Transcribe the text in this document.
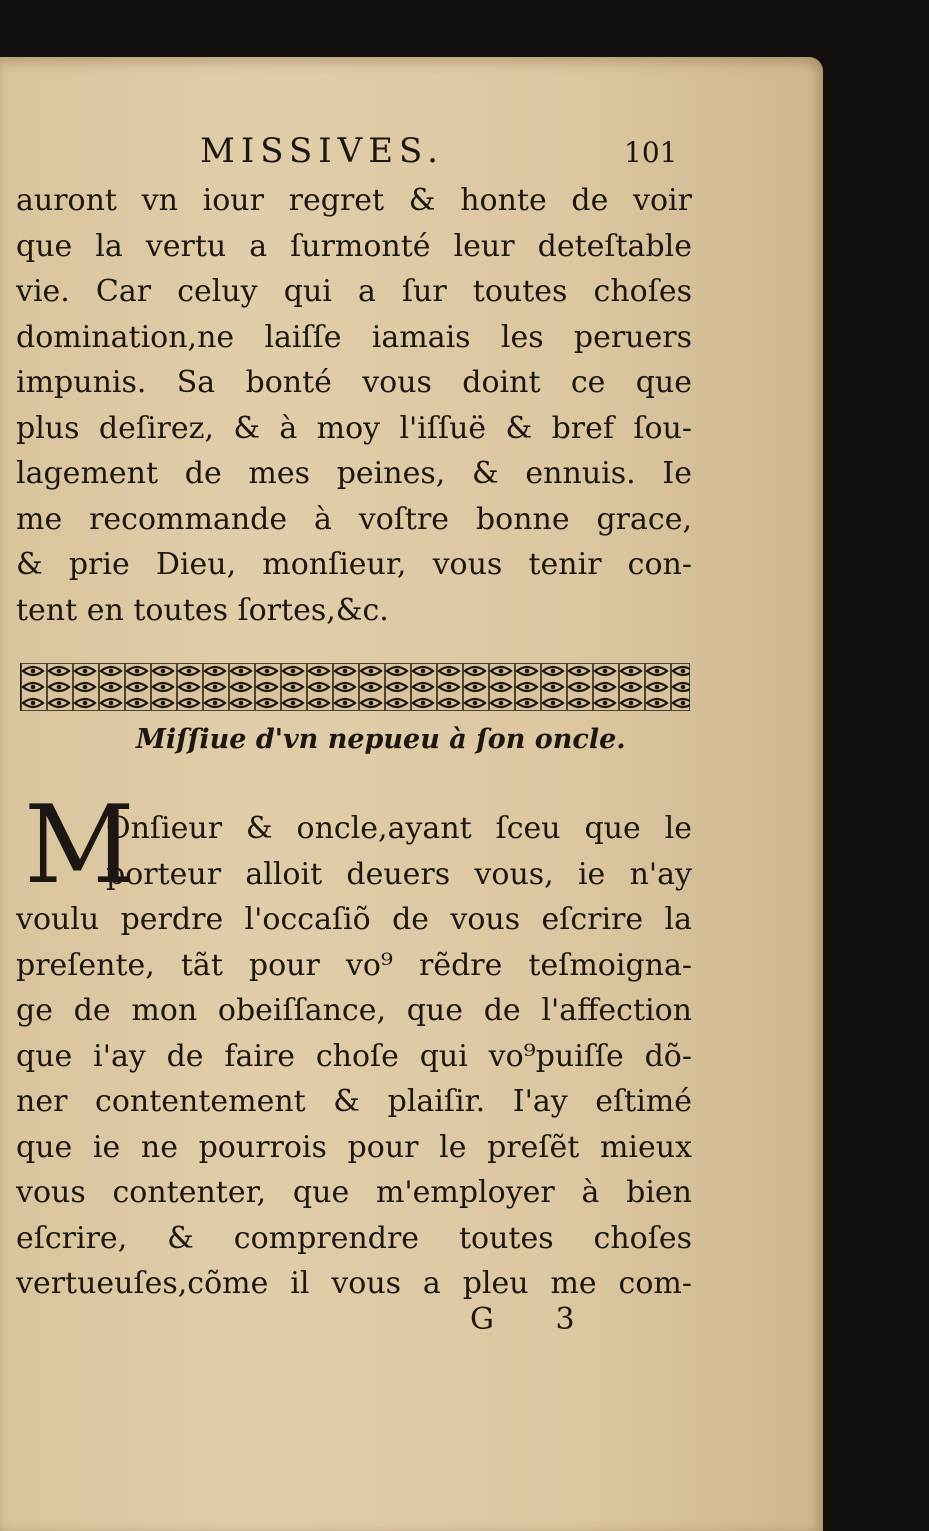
MISSIVES.	101
auront vn iour regret & honte de voir
que la vertu a ſurmonté leur deteſtable
vie. Car celuy qui a ſur toutes choſes
domination,ne laiſſe iamais les peruers
impunis. Sa bonté vous doint ce que
plus deſirez, & à moy l'iſſuë & bref ſou-
lagement de mes peines, & ennuis. Ie
me recommande à voſtre bonne grace,
& prie Dieu, monſieur, vous tenir con-
tent en toutes ſortes,&c.
Miſſiue d'vn nepueu à ſon oncle.
M
Onſieur & oncle,ayant ſceu que le
porteur alloit deuers vous, ie n'ay
voulu perdre l'occaſiõ de vous eſcrire la
preſente, tãt pour vo⁹ rẽdre teſmoigna-
ge de mon obeiſſance, que de l'affection
que i'ay de faire choſe qui vo⁹puiſſe dõ-
ner contentement & plaiſir. I'ay eſtimé
que ie ne pourrois pour le preſẽt mieux
vous contenter, que m'employer à bien
eſcrire, & comprendre toutes choſes
vertueuſes,cõme il vous a pleu me com-
G 3
